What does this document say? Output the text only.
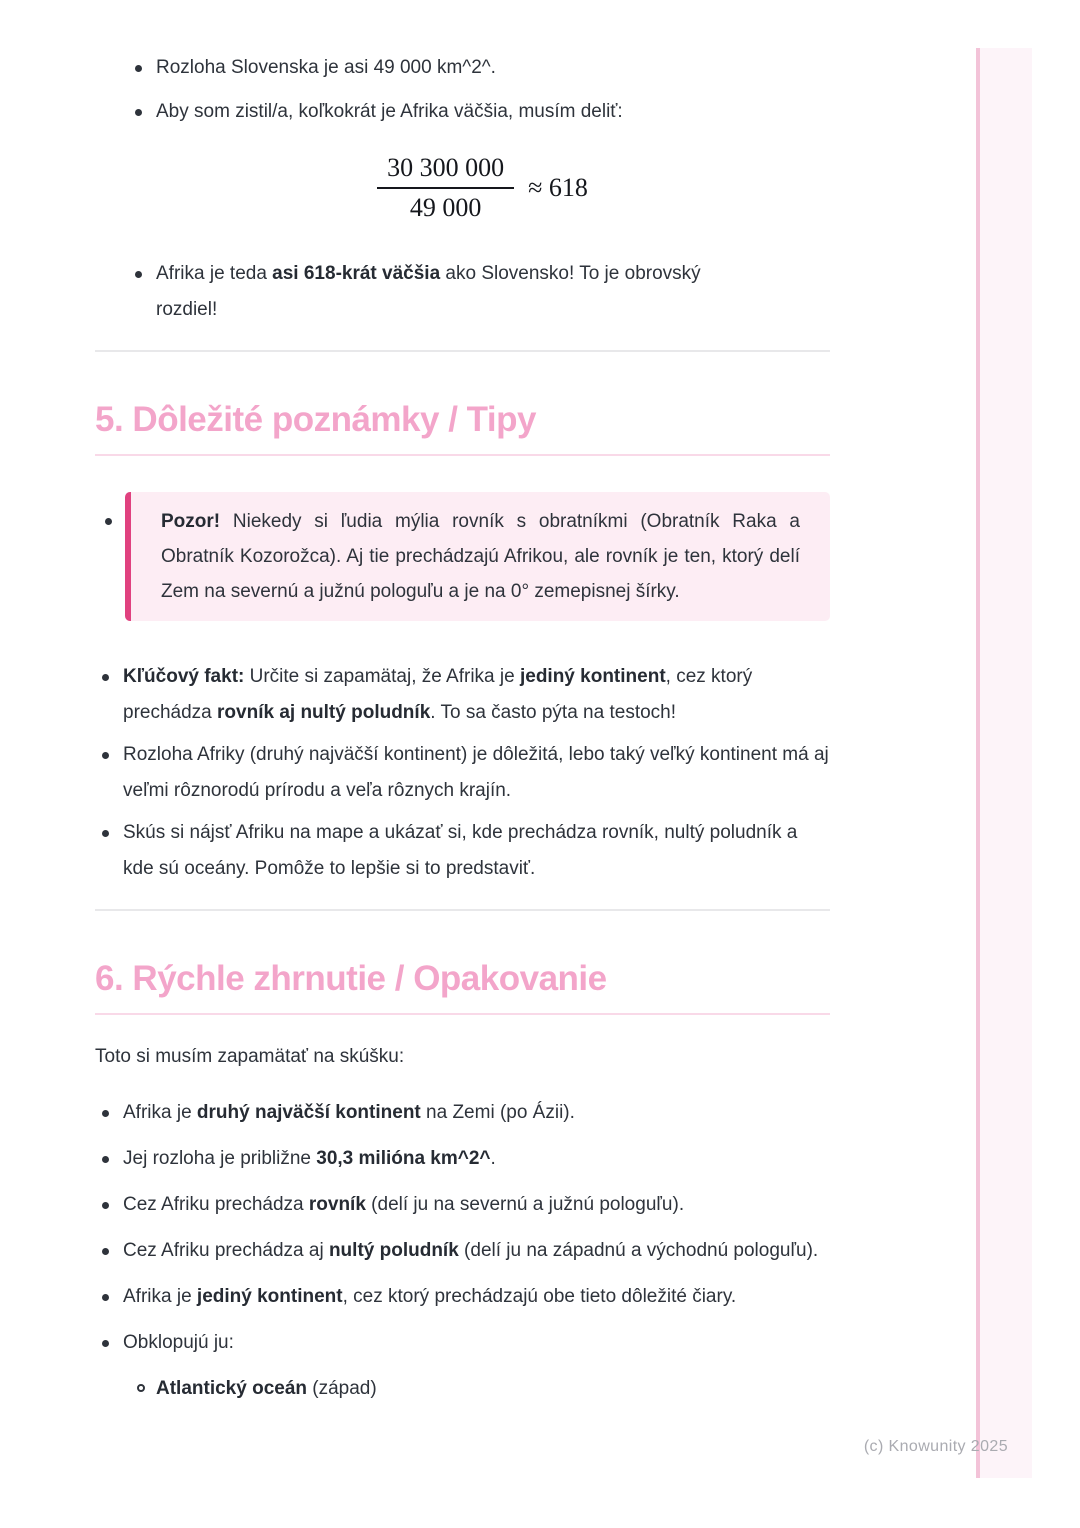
Rozloha Slovenska je asi 49 000 km^2^.
Aby som zistil/a, koľkokrát je Afrika väčšia, musím deliť:
$\frac{30 300 000}{49 000} \approx 618$
Afrika je teda asi 618-krát väčšia ako Slovensko! To je obrovský rozdiel!
5. Dôležité poznámky / Tipy
Pozor! Niekedy si ľudia mýlia rovník s obratníkmi (Obratník Raka a Obratník Kozorožca). Aj tie prechádzajú Afrikou, ale rovník je ten, ktorý delí Zem na severnú a južnú pologuľu a je na 0° zemepisnej šírky.
Kľúčový fakt: Určite si zapamätaj, že Afrika je jediný kontinent, cez ktorý prechádza rovník aj nultý poludník. To sa často pýta na testoch!
Rozloha Afriky (druhý najväčší kontinent) je dôležitá, lebo taký veľký kontinent má aj veľmi rôznorodú prírodu a veľa rôznych krajín.
Skús si nájsť Afriku na mape a ukázať si, kde prechádza rovník, nultý poludník a kde sú oceány. Pomôže to lepšie si to predstaviť.
6. Rýchle zhrnutie / Opakovanie

Toto si musím zapamätať na skúšku:

Afrika je druhý najväčší kontinent na Zemi (po Ázii).
Jej rozloha je približne 30,3 milióna km^2^.
Cez Afriku prechádza rovník (delí ju na severnú a južnú pologuľu).
Cez Afriku prechádza aj nultý poludník (delí ju na západnú a východnú pologuľu).
Afrika je jediný kontinent, cez ktorý prechádzajú obe tieto dôležité čiary.
Obklopujú ju:
Atlantický oceán (západ)
(c) Knowunity 2025
